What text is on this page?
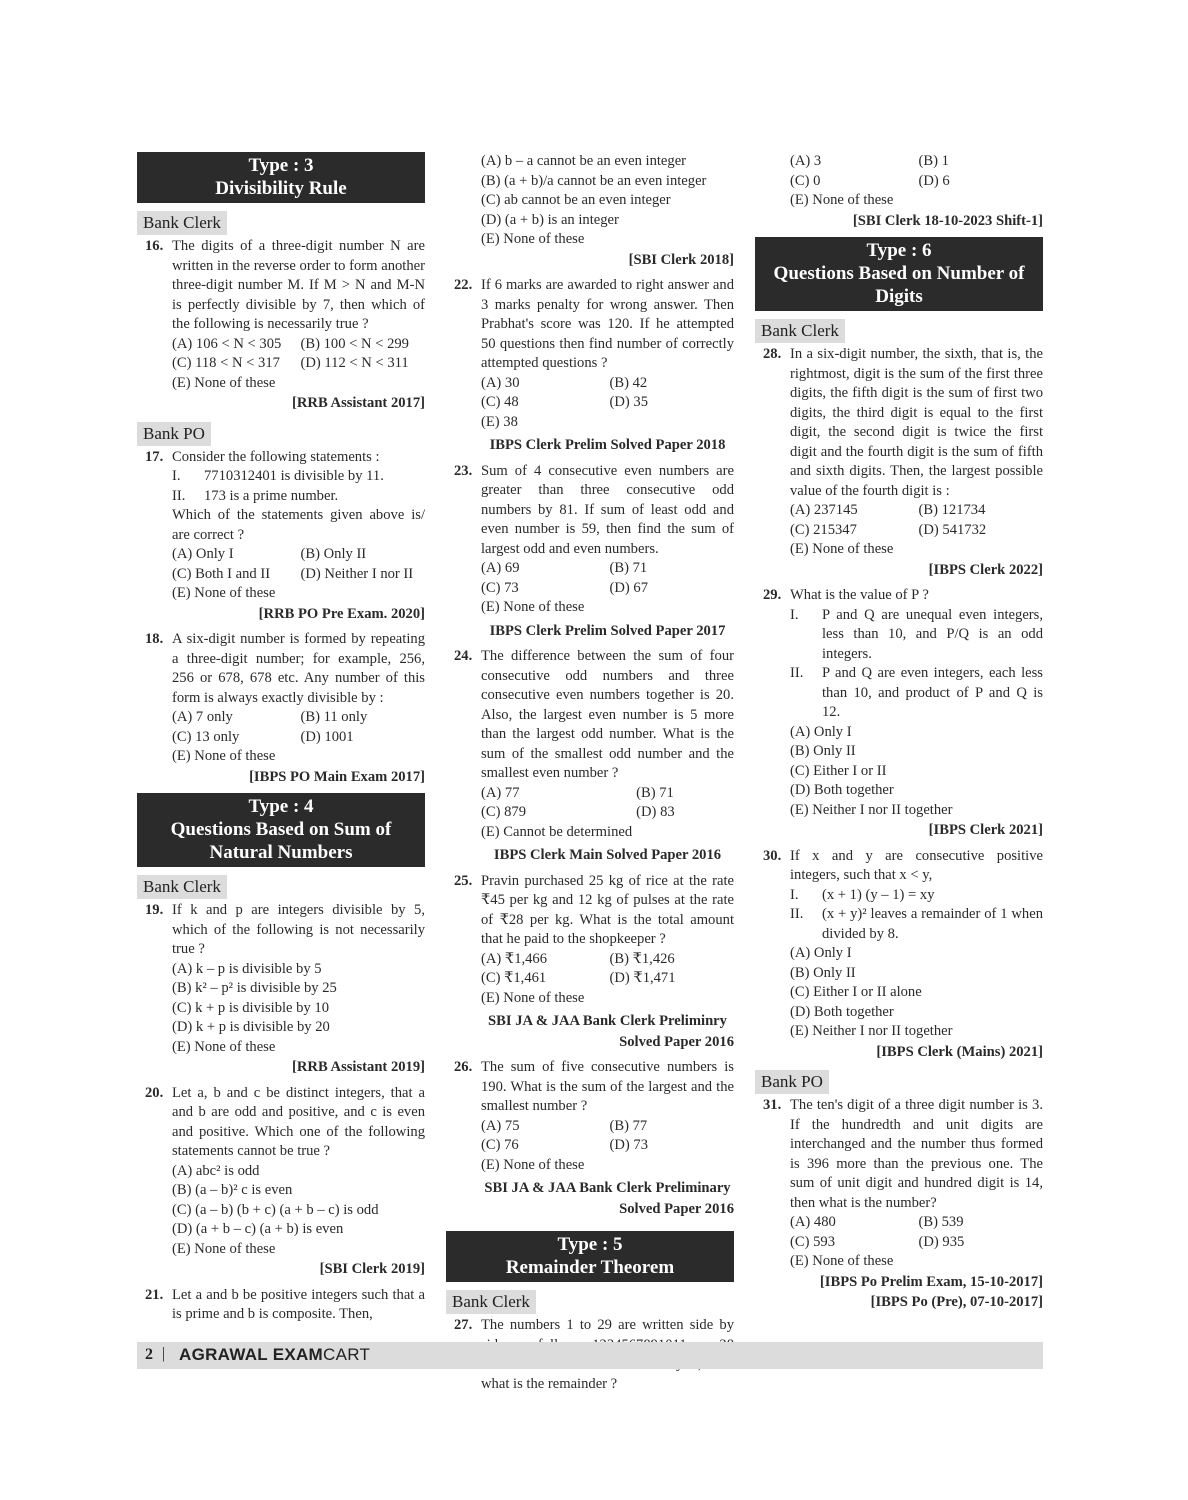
Type : 3
Divisibility Rule
Bank Clerk
16. The digits of a three-digit number N are written in the reverse order to form another three-digit number M. If M > N and M-N is perfectly divisible by 7, then which of the following is necessarily true ?

(A) 106 < N < 305	(B) 100 < N < 299
(C) 118 < N < 317	(D) 112 < N < 311
(E) None of these
[RRB Assistant 2017]
Bank PO
17. Consider the following statements :

I. 7710312401 is divisible by 11.
II. 173 is a prime number.

Which of the statements given above is/ are correct ?

(A) Only I	(B) Only II
(C) Both I and II	(D) Neither I nor II
(E) None of these
[RRB PO Pre Exam. 2020]
18. A six-digit number is formed by repeating a three-digit number; for example, 256, 256 or 678, 678 etc. Any number of this form is always exactly divisible by :

(A) 7 only	(B) 11 only
(C) 13 only	(D) 1001
(E) None of these
[IBPS PO Main Exam 2017]
Type : 4
Questions Based on Sum of
Natural Numbers
Bank Clerk
19. If k and p are integers divisible by 5, which of the following is not necessarily true ?

(A) k – p is divisible by 5
(B) k² – p² is divisible by 25
(C) k + p is divisible by 10
(D) k + p is divisible by 20
(E) None of these
[RRB Assistant 2019]
20. Let a, b and c be distinct integers, that a and b are odd and positive, and c is even and positive. Which one of the following statements cannot be true ?

(A) abc² is odd
(B) (a – b)² c is even
(C) (a – b) (b + c) (a + b – c) is odd
(D) (a + b – c) (a + b) is even
(E) None of these
[SBI Clerk 2019]
21. Let a and b be positive integers such that a is prime and b is composite. Then,

(A) b – a cannot be an even integer
(B) (a + b)/a cannot be an even integer
(C) ab cannot be an even integer
(D) (a + b) is an integer
(E) None of these
[SBI Clerk 2018]
22. If 6 marks are awarded to right answer and 3 marks penalty for wrong answer. Then Prabhat's score was 120. If he attempted 50 questions then find number of correctly attempted questions ?

(A) 30	(B) 42
(C) 48	(D) 35
(E) 38
IBPS Clerk Prelim Solved Paper 2018
23. Sum of 4 consecutive even numbers are greater than three consecutive odd numbers by 81. If sum of least odd and even number is 59, then find the sum of largest odd and even numbers.

(A) 69	(B) 71
(C) 73	(D) 67
(E) None of these
IBPS Clerk Prelim Solved Paper 2017
24. The difference between the sum of four consecutive odd numbers and three consecutive even numbers together is 20. Also, the largest even number is 5 more than the largest odd number. What is the sum of the smallest odd number and the smallest even number ?

(A) 77	(B) 71
(C) 879	(D) 83
(E) Cannot be determined
IBPS Clerk Main Solved Paper 2016
25. Pravin purchased 25 kg of rice at the rate ₹45 per kg and 12 kg of pulses at the rate of ₹28 per kg. What is the total amount that he paid to the shopkeeper ?

(A) ₹1,466	(B) ₹1,426
(C) ₹1,461	(D) ₹1,471
(E) None of these
SBI JA & JAA Bank Clerk Preliminry
Solved Paper 2016
26. The sum of five consecutive numbers is 190. What is the sum of the largest and the smallest number ?

(A) 75	(B) 77
(C) 76	(D) 73
(E) None of these
SBI JA & JAA Bank Clerk Preliminary
Solved Paper 2016
Type : 5
Remainder Theorem
Bank Clerk
27. The numbers 1 to 29 are written side by what is the remainder ?

(A) 3	(B) 1
(C) 0	(D) 6
(E) None of these
[SBI Clerk 18-10-2023 Shift-1]
Type : 6
Questions Based on Number of
Digits
Bank Clerk
28. In a six-digit number, the sixth, that is, the rightmost, digit is the sum of the first three digits, the fifth digit is the sum of first two digits, the third digit is equal to the first digit, the second digit is twice the first digit and the fourth digit is the sum of fifth and sixth digits. Then, the largest possible value of the fourth digit is :

(A) 237145	(B) 121734
(C) 215347	(D) 541732
(E) None of these
[IBPS Clerk 2022]
29. What is the value of P ?

I. P and Q are unequal even integers, less than 10, and P/Q is an odd integers.
II. P and Q are even integers, each less than 10, and product of P and Q is 12.
(A) Only I
(B) Only II
(C) Either I or II
(D) Both together
(E) Neither I nor II together
[IBPS Clerk 2021]
30. If x and y are consecutive positive integers, such that x < y,

I. (x + 1) (y – 1) = xy
II. (x + y)² leaves a remainder of 1 when divided by 8.
(A) Only I
(B) Only II
(C) Either I or II alone
(D) Both together
(E) Neither I nor II together
[IBPS Clerk (Mains) 2021]
Bank PO
31. The ten's digit of a three digit number is 3. If the hundredth and unit digits are interchanged and the number thus formed is 396 more than the previous one. The sum of unit digit and hundred digit is 14, then what is the number?

(A) 480	(B) 539
(C) 593	(D) 935
(E) None of these
[IBPS Po Prelim Exam, 15-10-2017]
[IBPS Po (Pre), 07-10-2017]
2 | AGRAWAL EXAMCART
